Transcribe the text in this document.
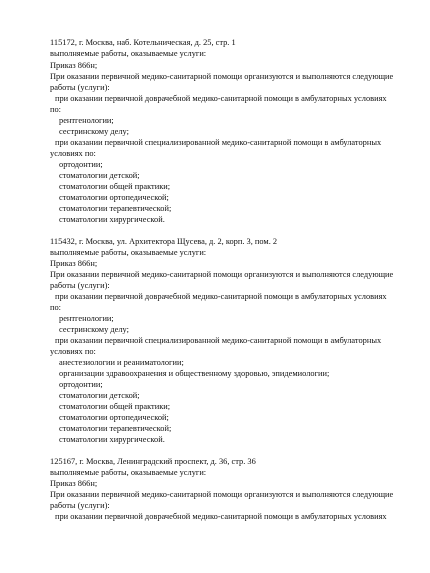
115172, г. Москва, наб. Котельническая, д. 25, стр. 1
выполняемые работы, оказываемые услуги:
Приказ 866н;
При оказании первичной медико-санитарной помощи организуются и выполняются следующие
работы (услуги):
при оказании первичной доврачебной медико-санитарной помощи в амбулаторных условиях
по:
рентгенологии;
сестринскому делу;
при оказании первичной специализированной медико-санитарной помощи в амбулаторных
условиях по:
ортодонтии;
стоматологии детской;
стоматологии общей практики;
стоматологии ортопедической;
стоматологии терапевтической;
стоматологии хирургической.
115432, г. Москва, ул. Архитектора Щусева, д. 2, корп. 3, пом. 2
выполняемые работы, оказываемые услуги:
Приказ 866н;
При оказании первичной медико-санитарной помощи организуются и выполняются следующие
работы (услуги):
при оказании первичной доврачебной медико-санитарной помощи в амбулаторных условиях
по:
рентгенологии;
сестринскому делу;
при оказании первичной специализированной медико-санитарной помощи в амбулаторных
условиях по:
анестезиологии и реаниматологии;
организации здравоохранения и общественному здоровью, эпидемиологии;
ортодонтии;
стоматологии детской;
стоматологии общей практики;
стоматологии ортопедической;
стоматологии терапевтической;
стоматологии хирургической.
125167, г. Москва, Ленинградский проспект, д. 36, стр. 36
выполняемые работы, оказываемые услуги:
Приказ 866н;
При оказании первичной медико-санитарной помощи организуются и выполняются следующие
работы (услуги):
при оказании первичной доврачебной медико-санитарной помощи в амбулаторных условиях
